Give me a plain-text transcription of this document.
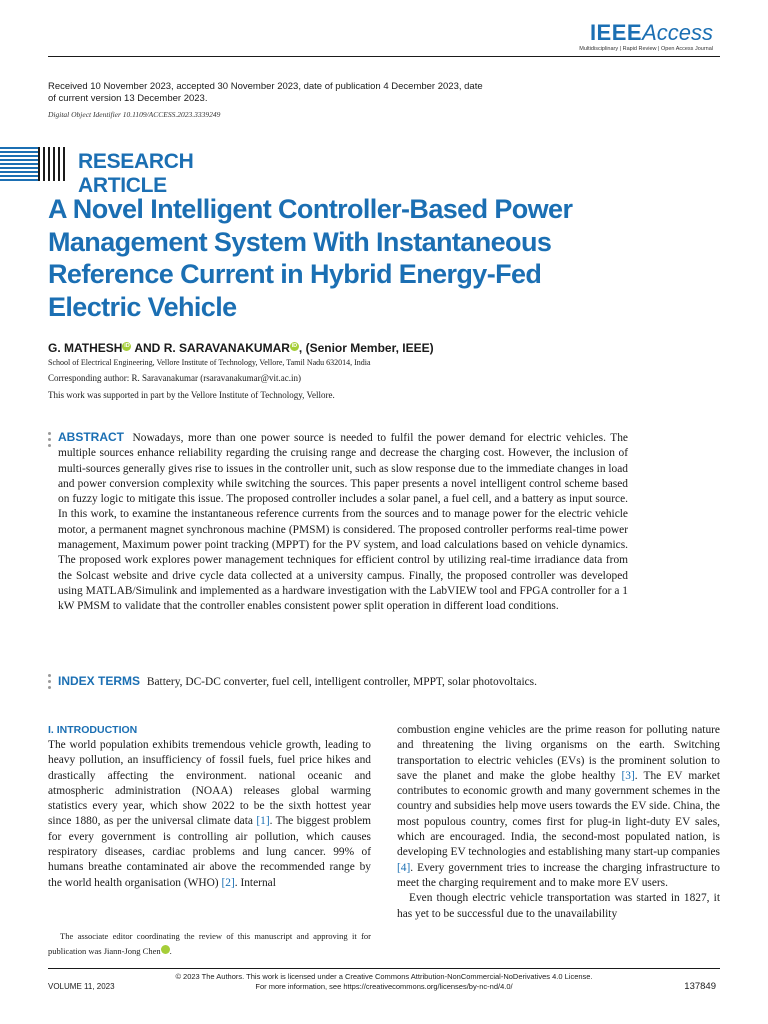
IEEEAccess
Multidisciplinary | Rapid Review | Open Access Journal
Received 10 November 2023, accepted 30 November 2023, date of publication 4 December 2023, date of current version 13 December 2023.
Digital Object Identifier 10.1109/ACCESS.2023.3339249
RESEARCH ARTICLE
A Novel Intelligent Controller-Based Power Management System With Instantaneous Reference Current in Hybrid Energy-Fed Electric Vehicle
G. MATHESH iD AND R. SARAVANAKUMAR iD , (Senior Member, IEEE)
School of Electrical Engineering, Vellore Institute of Technology, Vellore, Tamil Nadu 632014, India
Corresponding author: R. Saravanakumar (rsaravanakumar@vit.ac.in)
This work was supported in part by the Vellore Institute of Technology, Vellore.
ABSTRACT Nowadays, more than one power source is needed to fulfil the power demand for electric vehicles. The multiple sources enhance reliability regarding the cruising range and decrease the charging cost. However, the inclusion of multi-sources generally gives rise to issues in the controller unit, such as slow response due to the immediate changes in load and power conversion complexity while switching the sources. This paper presents a novel intelligent control scheme based on fuzzy logic to mitigate this issue. The proposed controller includes a solar panel, a fuel cell, and a battery as input source. In this work, to examine the instantaneous reference currents from the sources and to manage power for the electric vehicle motor, a permanent magnet synchronous machine (PMSM) is considered. The proposed controller performs real-time power management, Maximum power point tracking (MPPT) for the PV system, and load calculations based on vehicle dynamics. The proposed work explores power management techniques for efficient control by utilizing real-time irradiance data from the Solcast website and drive cycle data collected at a university campus. Finally, the proposed controller was developed using MATLAB/Simulink and implemented as a hardware investigation with the LabVIEW tool and FPGA controller for a 1 kW PMSM to validate that the controller enables consistent power split operation in different load conditions.
INDEX TERMS Battery, DC-DC converter, fuel cell, intelligent controller, MPPT, solar photovoltaics.
I. INTRODUCTION

The world population exhibits tremendous vehicle growth, leading to heavy pollution, an insufficiency of fossil fuels, fuel price hikes and drastically affecting the environment. national oceanic and atmospheric administration (NOAA) releases global warming statistics every year, which show 2022 to be the sixth hottest year since 1880, as per the universal climate data [1]. The biggest problem for every government is controlling air pollution, which causes respiratory diseases, cardiac problems and lung cancer. 99% of humans breathe contaminated air above the recommended range by the world health organisation (WHO) [2]. Internal

combustion engine vehicles are the prime reason for polluting nature and threatening the living organisms on the earth. Switching transportation to electric vehicles (EVs) is the prominent solution to save the planet and make the globe healthy [3]. The EV market contributes to economic growth and many government schemes in the country and subsidies help move users towards the EV side. China, the most populous country, comes first for plug-in light-duty EV sales, which are encouraged. India, the second-most populated nation, is developing EV technologies and establishing many start-up companies [4]. Every government tries to increase the charging infrastructure to meet the charging requirement and to make more EV users.

Even though electric vehicle transportation was started in 1827, it has yet to be successful due to the unavailability

The associate editor coordinating the review of this manuscript and approving it for publication was Jiann-Jong Chen iD.
VOLUME 11, 2023
© 2023 The Authors. This work is licensed under a Creative Commons Attribution-NonCommercial-NoDerivatives 4.0 License.
For more information, see https://creativecommons.org/licenses/by-nc-nd/4.0/	137849
